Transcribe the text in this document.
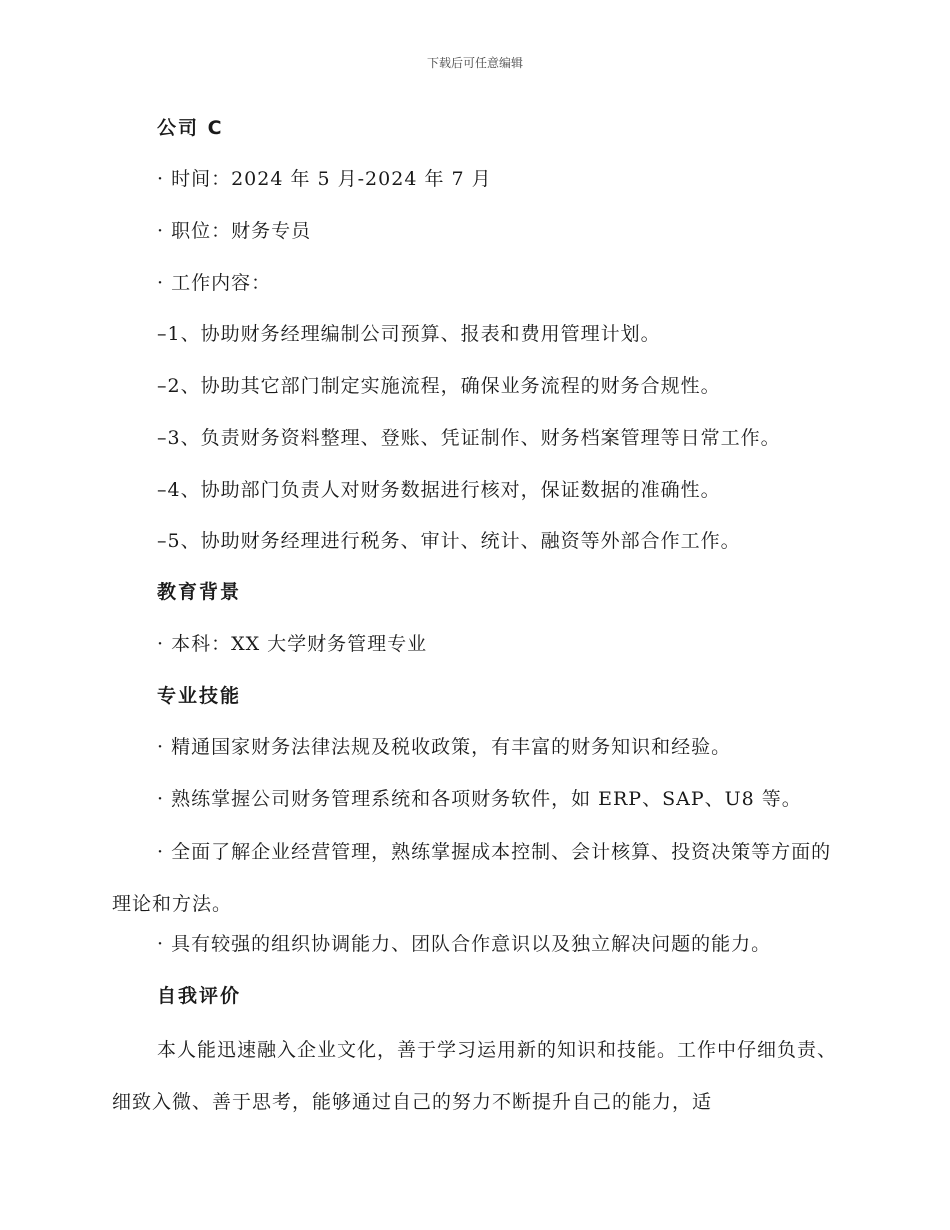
下载后可任意编辑
公司 C
· 时间：2024 年 5 月-2024 年 7 月
· 职位：财务专员
· 工作内容：
–1、协助财务经理编制公司预算、报表和费用管理计划。
–2、协助其它部门制定实施流程，确保业务流程的财务合规性。
–3、负责财务资料整理、登账、凭证制作、财务档案管理等日常工作。
–4、协助部门负责人对财务数据进行核对，保证数据的准确性。
–5、协助财务经理进行税务、审计、统计、融资等外部合作工作。
教育背景
· 本科：XX 大学财务管理专业
专业技能
· 精通国家财务法律法规及税收政策，有丰富的财务知识和经验。
· 熟练掌握公司财务管理系统和各项财务软件，如 ERP、SAP、U8 等。
· 全面了解企业经营管理，熟练掌握成本控制、会计核算、投资决策等方面的理论和方法。
· 具有较强的组织协调能力、团队合作意识以及独立解决问题的能力。
自我评价
本人能迅速融入企业文化，善于学习运用新的知识和技能。工作中仔细负责、细致入微、善于思考，能够通过自己的努力不断提升自己的能力，适
